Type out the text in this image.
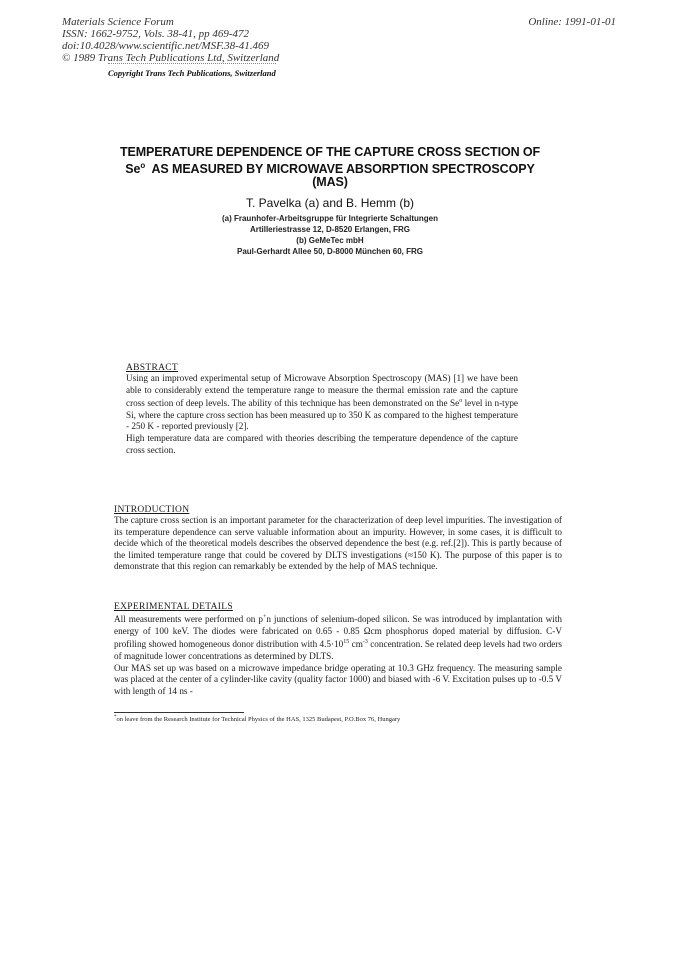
Materials Science Forum
ISSN: 1662-9752, Vols. 38-41, pp 469-472
doi:10.4028/www.scientific.net/MSF.38-41.469
© 1989 Trans Tech Publications Ltd, Switzerland
Online: 1991-01-01
Copyright Trans Tech Publications, Switzerland
TEMPERATURE DEPENDENCE OF THE CAPTURE CROSS SECTION OF
Se$^o$  AS MEASURED BY MICROWAVE ABSORPTION SPECTROSCOPY
(MAS)
T. Pavelka (a) and B. Hemm (b)
(a) Fraunhofer-Arbeitsgruppe für Integrierte Schaltungen
Artilleriestrasse 12, D-8520 Erlangen, FRG
(b) GeMeTec mbH
Paul-Gerhardt Allee 50, D-8000 München 60, FRG
ABSTRACT
Using an improved experimental setup of Microwave Absorption Spectroscopy (MAS) [1] we have been able to considerably extend the temperature range to measure the thermal emission rate and the capture cross section of deep levels. The ability of this technique has been demonstrated on the Se$^o$ level in n-type Si, where the capture cross section has been measured up to 350 K as compared to the highest temperature - 250 K - reported previously [2].
High temperature data are compared with theories describing the temperature dependence of the capture cross section.
INTRODUCTION
The capture cross section is an important parameter for the characterization of deep level impurities. The investigation of its temperature dependence can serve valuable information about an impurity. However, in some cases, it is difficult to decide which of the theoretical models describes the observed dependence the best (e.g. ref.[2]). This is partly because of the limited temperature range that could be covered by DLTS investigations (≈150 K). The purpose of this paper is to demonstrate that this region can remarkably be extended by the help of MAS technique.
EXPERIMENTAL DETAILS
All measurements were performed on p+n junctions of selenium-doped silicon. Se was introduced by implantation with energy of 100 keV. The diodes were fabricated on 0.65 - 0.85 Ωcm phosphorus doped material by diffusion. C-V profiling showed homogeneous donor distribution with $4.5\cdot 10^{15}$ $cm^{-3}$ concentration. Se related deep levels had two orders of magnitude lower concentrations as determined by DLTS.
Our MAS set up was based on a microwave impedance bridge operating at 10.3 GHz frequency. The measuring sample was placed at the center of a cylinder-like cavity (quality factor 1000) and biased with -6 V. Excitation pulses up to -0.5 V with length of 14 ns -
*on leave from the Research Institute for Technical Physics of the HAS, 1325 Budapest, P.O.Box 76, Hungary
